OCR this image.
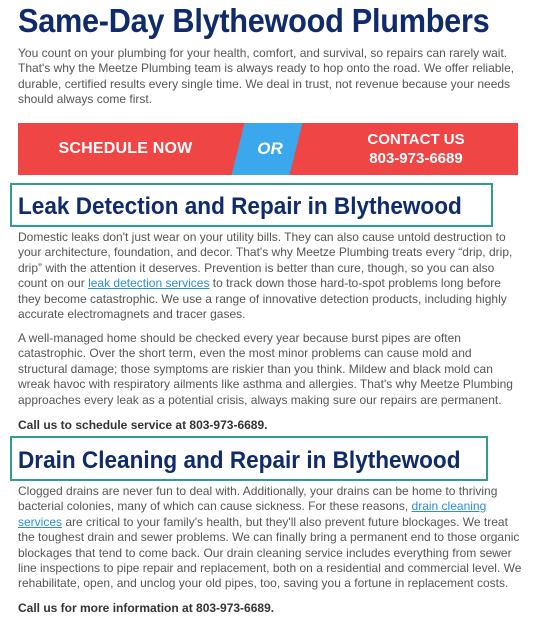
Same-Day Blythewood Plumbers

You count on your plumbing for your health, comfort, and survival, so repairs can rarely wait. That's why the Meetze Plumbing team is always ready to hop onto the road. We offer reliable, durable, certified results every single time. We deal in trust, not revenue because your needs should always come first.

SCHEDULE NOW	OR	CONTACT US
803-973-6689
Leak Detection and Repair in Blythewood

Domestic leaks don't just wear on your utility bills. They can also cause untold destruction to your architecture, foundation, and decor. That's why Meetze Plumbing treats every “drip, drip, drip” with the attention it deserves. Prevention is better than cure, though, so you can also count on our leak detection services to track down those hard-to-spot problems long before they become catastrophic. We use a range of innovative detection products, including highly accurate electromagnets and tracer gases.

A well-managed home should be checked every year because burst pipes are often catastrophic. Over the short term, even the most minor problems can cause mold and structural damage; those symptoms are riskier than you think. Mildew and black mold can wreak havoc with respiratory ailments like asthma and allergies. That's why Meetze Plumbing approaches every leak as a potential crisis, always making sure our repairs are permanent.

Call us to schedule service at 803-973-6689.

Drain Cleaning and Repair in Blythewood

Clogged drains are never fun to deal with. Additionally, your drains can be home to thriving bacterial colonies, many of which can cause sickness. For these reasons, drain cleaning services are critical to your family's health, but they'll also prevent future blockages. We treat the toughest drain and sewer problems. We can finally bring a permanent end to those organic blockages that tend to come back. Our drain cleaning service includes everything from sewer line inspections to pipe repair and replacement, both on a residential and commercial level. We rehabilitate, open, and unclog your old pipes, too, saving you a fortune in replacement costs.

Call us for more information at 803-973-6689.
